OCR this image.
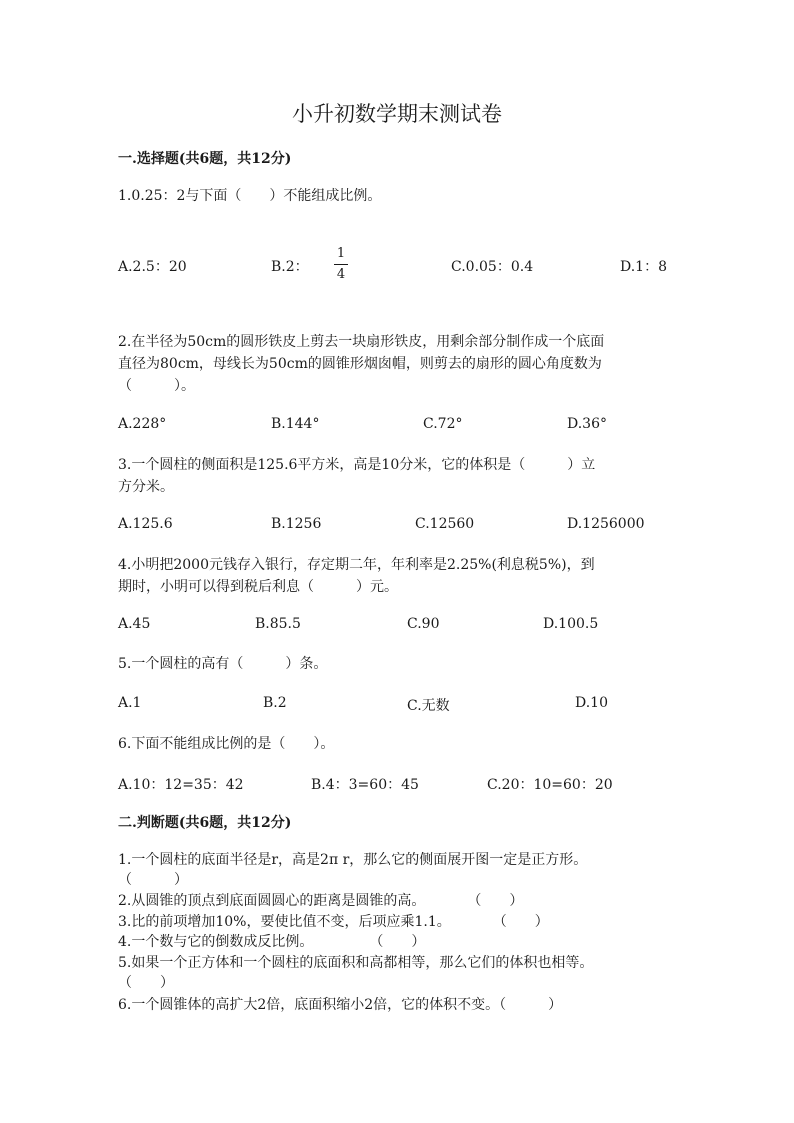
小升初数学期末测试卷
一.选择题(共6题，共12分)
1.0.25：2与下面（　　）不能组成比例。
A.2.5：20	B.2：
1
4	C.0.05：0.4	D.1：8
2.在半径为50cm的圆形铁皮上剪去一块扇形铁皮，用剩余部分制作成一个底面
直径为80cm，母线长为50cm的圆锥形烟囱帽，则剪去的扇形的圆心角度数为
（　　　）。
A.228°	B.144°	C.72°	D.36°
3.一个圆柱的侧面积是125.6平方米，高是10分米，它的体积是（　　　）立
方分米。
A.125.6	B.1256	C.12560	D.1256000
4.小明把2000元钱存入银行，存定期二年，年利率是2.25%(利息税5%)，到
期时，小明可以得到税后利息（　　　）元。
A.45	B.85.5	C.90	D.100.5
5.一个圆柱的高有（　　　）条。
A.1	B.2	C.无数	D.10
6.下面不能组成比例的是（　　）。
A.10：12=35：42	B.4：3=60：45	C.20：10=60：20
二.判断题(共6题，共12分)
1.一个圆柱的底面半径是r，高是2π r，那么它的侧面展开图一定是正方形。
（　　　）
2.从圆锥的顶点到底面圆圆心的距离是圆锥的高。　　　　（　　）
3.比的前项增加10%，要使比值不变，后项应乘1.1。　　　　（　　）
4.一个数与它的倒数成反比例。　　　　　（　　）
5.如果一个正方体和一个圆柱的底面积和高都相等，那么它们的体积也相等。
（　　）
6.一个圆锥体的高扩大2倍，底面积缩小2倍，它的体积不变。（　　　）
